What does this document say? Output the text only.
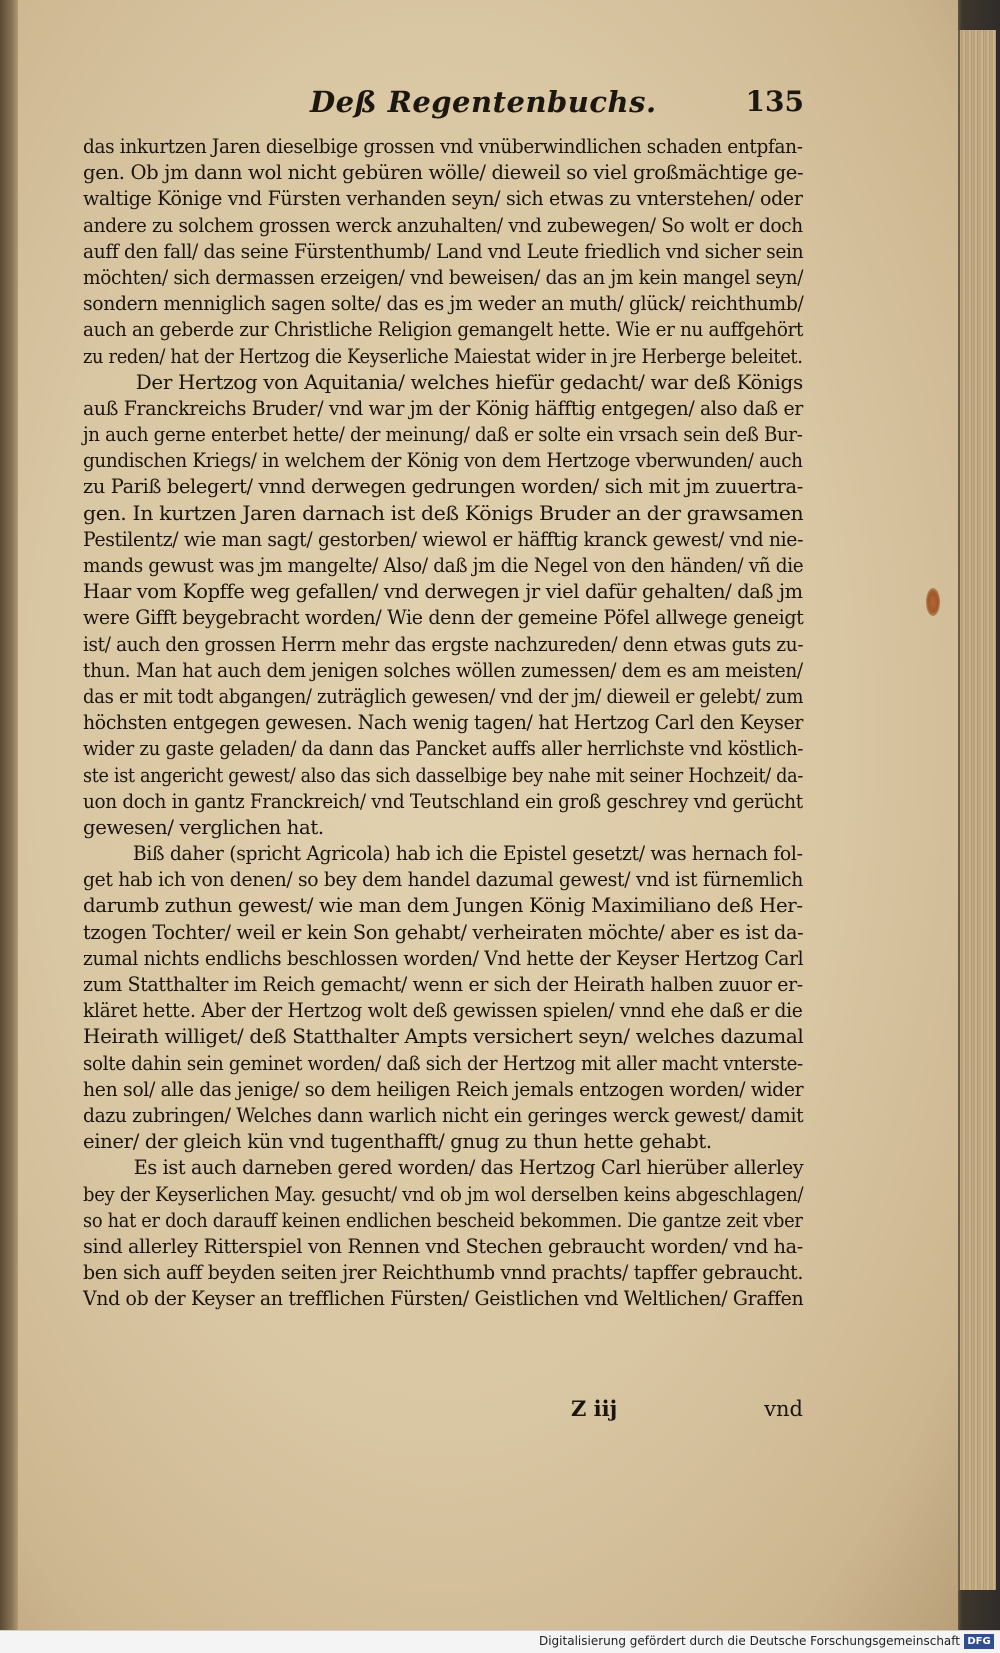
Deß Regentenbuchs.	135
das inkurtzen Jaren dieselbige grossen vnd vnüberwindlichen schaden entpfan-
gen. Ob jm dann wol nicht gebüren wölle/ dieweil so viel großmächtige ge-
waltige Könige vnd Fürsten verhanden seyn/ sich etwas zu vnterstehen/ oder
andere zu solchem grossen werck anzuhalten/ vnd zubewegen/ So wolt er doch
auff den fall/ das seine Fürstenthumb/ Land vnd Leute friedlich vnd sicher sein
möchten/ sich dermassen erzeigen/ vnd beweisen/ das an jm kein mangel seyn/
sondern menniglich sagen solte/ das es jm weder an muth/ glück/ reichthumb/
auch an geberde zur Christliche Religion gemangelt hette. Wie er nu auffgehört
zu reden/ hat der Hertzog die Keyserliche Maiestat wider in jre Herberge beleitet.
Der Hertzog von Aquitania/ welches hiefür gedacht/ war deß Königs
auß Franckreichs Bruder/ vnd war jm der König häfftig entgegen/ also daß er
jn auch gerne enterbet hette/ der meinung/ daß er solte ein vrsach sein deß Bur-
gundischen Kriegs/ in welchem der König von dem Hertzoge vberwunden/ auch
zu Pariß belegert/ vnnd derwegen gedrungen worden/ sich mit jm zuuertra-
gen. In kurtzen Jaren darnach ist deß Königs Bruder an der grawsamen
Pestilentz/ wie man sagt/ gestorben/ wiewol er häfftig kranck gewest/ vnd nie-
mands gewust was jm mangelte/ Also/ daß jm die Negel von den händen/ vñ die
Haar vom Kopffe weg gefallen/ vnd derwegen jr viel dafür gehalten/ daß jm
were Gifft beygebracht worden/ Wie denn der gemeine Pöfel allwege geneigt
ist/ auch den grossen Herrn mehr das ergste nachzureden/ denn etwas guts zu-
thun. Man hat auch dem jenigen solches wöllen zumessen/ dem es am meisten/
das er mit todt abgangen/ zuträglich gewesen/ vnd der jm/ dieweil er gelebt/ zum
höchsten entgegen gewesen. Nach wenig tagen/ hat Hertzog Carl den Keyser
wider zu gaste geladen/ da dann das Pancket auffs aller herrlichste vnd köstlich-
ste ist angericht gewest/ also das sich dasselbige bey nahe mit seiner Hochzeit/ da-
uon doch in gantz Franckreich/ vnd Teutschland ein groß geschrey vnd gerücht
gewesen/ verglichen hat.
Biß daher (spricht Agricola) hab ich die Epistel gesetzt/ was hernach fol-
get hab ich von denen/ so bey dem handel dazumal gewest/ vnd ist fürnemlich
darumb zuthun gewest/ wie man dem Jungen König Maximiliano deß Her-
tzogen Tochter/ weil er kein Son gehabt/ verheiraten möchte/ aber es ist da-
zumal nichts endlichs beschlossen worden/ Vnd hette der Keyser Hertzog Carl
zum Statthalter im Reich gemacht/ wenn er sich der Heirath halben zuuor er-
kläret hette. Aber der Hertzog wolt deß gewissen spielen/ vnnd ehe daß er die
Heirath williget/ deß Statthalter Ampts versichert seyn/ welches dazumal
solte dahin sein geminet worden/ daß sich der Hertzog mit aller macht vnterste-
hen sol/ alle das jenige/ so dem heiligen Reich jemals entzogen worden/ wider
dazu zubringen/ Welches dann warlich nicht ein geringes werck gewest/ damit
einer/ der gleich kün vnd tugenthafft/ gnug zu thun hette gehabt.
Es ist auch darneben gered worden/ das Hertzog Carl hierüber allerley
bey der Keyserlichen May. gesucht/ vnd ob jm wol derselben keins abgeschlagen/
so hat er doch darauff keinen endlichen bescheid bekommen. Die gantze zeit vber
sind allerley Ritterspiel von Rennen vnd Stechen gebraucht worden/ vnd ha-
ben sich auff beyden seiten jrer Reichthumb vnnd prachts/ tapffer gebraucht.
Vnd ob der Keyser an trefflichen Fürsten/ Geistlichen vnd Weltlichen/ Graffen
Z iij	vnd
Digitalisierung gefördert durch die Deutsche Forschungsgemeinschaft DFG
